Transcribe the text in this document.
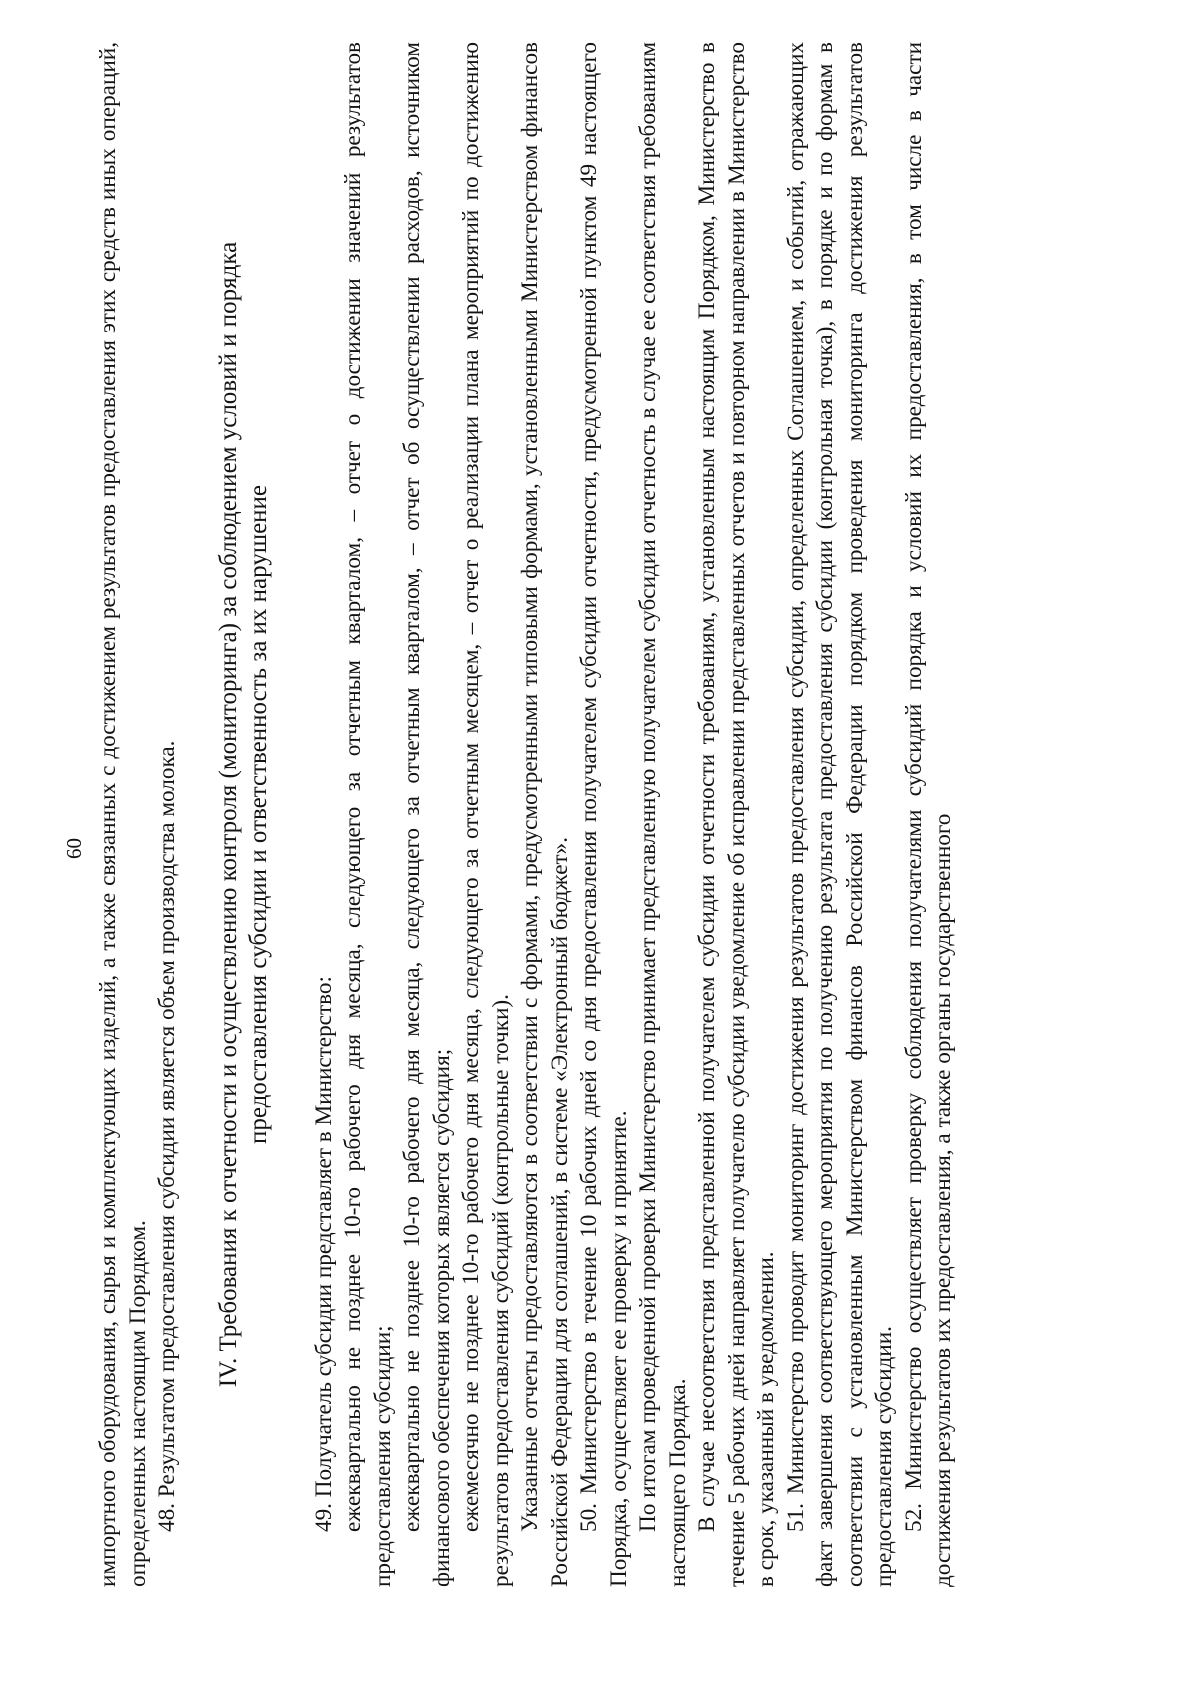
60 импортного оборудования, сырья и комплектующих изделий, а также связанных с достижением результатов предоставления этих средств иных операций, определенных настоящим Порядком. 48. Результатом предоставления субсидии является объем производства молока. IV. Требования к отчетности и осуществлению контроля (мониторинга) за соблюдением условий и порядка предоставления субсидии и ответственность за их нарушение

49. Получатель субсидии представляет в Министерство: ежеквартально не позднее 10-го рабочего дня месяца, следующего за отчетным кварталом, – отчет о достижении значений результатов предоставления субсидии; ежеквартально не позднее 10-го рабочего дня месяца, следующего за отчетным кварталом, – отчет об осуществлении расходов, источником финансового обеспечения которых является субсидия; ежемесячно не позднее 10-го рабочего дня месяца, следующего за отчетным месяцем, – отчет о реализации плана мероприятий по достижению результатов предоставления субсидий (контрольные точки). Указанные отчеты предоставляются в соответствии с формами, предусмотренными типовыми формами, установленными Министерством финансов Российской Федерации для соглашений, в системе «Электронный бюджет». 50. Министерство в течение 10 рабочих дней со дня предоставления получателем субсидии отчетности, предусмотренной пунктом 49 настоящего Порядка, осуществляет ее проверку и принятие. По итогам проведенной проверки Министерство принимает представленную получателем субсидии отчетность в случае ее соответствия требованиям настоящего Порядка. В случае несоответствия представленной получателем субсидии отчетности требованиям, установленным настоящим Порядком, Министерство в течение 5 рабочих дней направляет получателю субсидии уведомление об исправлении представленных отчетов и повторном направлении в Министерство в срок, указанный в уведомлении. 51. Министерство проводит мониторинг достижения результатов предоставления субсидии, определенных Соглашением, и событий, отражающих факт завершения соответствующего мероприятия по получению результата предоставления субсидии (контрольная точка), в порядке и по формам в соответствии с установленным Министерством финансов Российской Федерации порядком проведения мониторинга достижения результатов предоставления субсидии. 52. Министерство осуществляет проверку соблюдения получателями субсидий порядка и условий их предоставления, в том числе в части достижения результатов их предоставления, а также органы государственного
